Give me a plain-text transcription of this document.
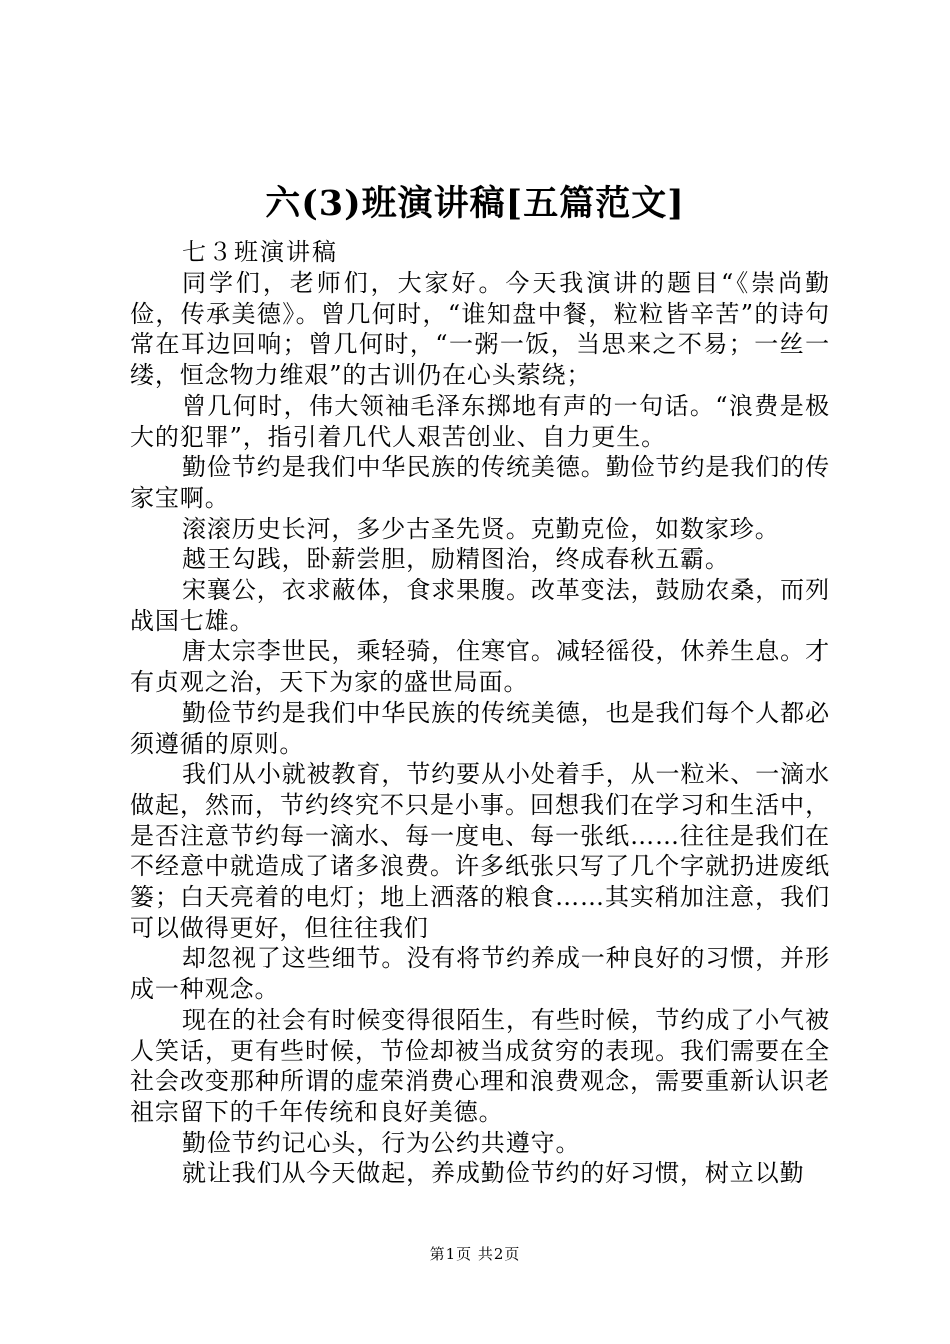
六(3)班演讲稿[五篇范文]
七３班演讲稿

同学们，老师们，大家好。今天我演讲的题目“《崇尚勤俭，传承美德》。曾几何时，“谁知盘中餐，粒粒皆辛苦”的诗句常在耳边回响；曾几何时，“一粥一饭，当思来之不易；一丝一缕，恒念物力维艰”的古训仍在心头萦绕；

曾几何时，伟大领袖毛泽东掷地有声的一句话。“浪费是极大的犯罪”，指引着几代人艰苦创业、自力更生。

勤俭节约是我们中华民族的传统美德。勤俭节约是我们的传家宝啊。

滚滚历史长河，多少古圣先贤。克勤克俭，如数家珍。

越王勾践，卧薪尝胆，励精图治，终成春秋五霸。

宋襄公，衣求蔽体，食求果腹。改革变法，鼓励农桑，而列战国七雄。

唐太宗李世民，乘轻骑，住寒官。减轻徭役，休养生息。才有贞观之治，天下为家的盛世局面。

勤俭节约是我们中华民族的传统美德，也是我们每个人都必须遵循的原则。

我们从小就被教育，节约要从小处着手，从一粒米、一滴水做起，然而，节约终究不只是小事。回想我们在学习和生活中，是否注意节约每一滴水、每一度电、每一张纸……往往是我们在不经意中就造成了诸多浪费。许多纸张只写了几个字就扔进废纸篓；白天亮着的电灯；地上洒落的粮食……其实稍加注意，我们可以做得更好，但往往我们

却忽视了这些细节。没有将节约养成一种良好的习惯，并形成一种观念。

现在的社会有时候变得很陌生，有些时候，节约成了小气被人笑话，更有些时候，节俭却被当成贫穷的表现。我们需要在全社会改变那种所谓的虚荣消费心理和浪费观念，需要重新认识老祖宗留下的千年传统和良好美德。

勤俭节约记心头，行为公约共遵守。

就让我们从今天做起，养成勤俭节约的好习惯，树立以勤

第1页 共2页
